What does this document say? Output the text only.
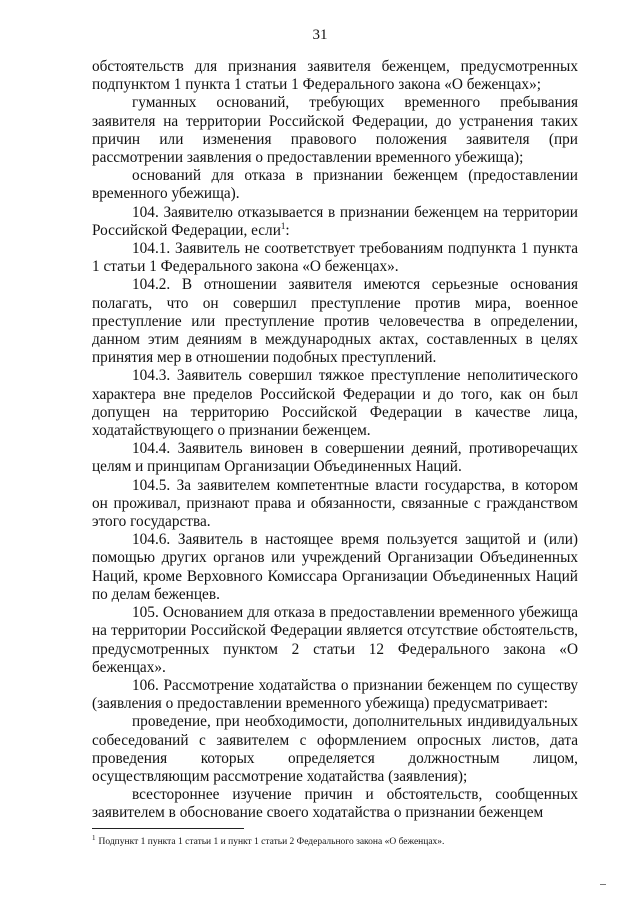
31

обстоятельств для признания заявителя беженцем, предусмотренных подпунктом 1 пункта 1 статьи 1 Федерального закона «О беженцах»;

гуманных оснований, требующих временного пребывания заявителя на территории Российской Федерации, до устранения таких причин или изменения правового положения заявителя (при рассмотрении заявления о предоставлении временного убежища);

оснований для отказа в признании беженцем (предоставлении временного убежища).

104. Заявителю отказывается в признании беженцем на территории Российской Федерации, если$^1$:

104.1. Заявитель не соответствует требованиям подпункта 1 пункта 1 статьи 1 Федерального закона «О беженцах».

104.2. В отношении заявителя имеются серьезные основания полагать, что он совершил преступление против мира, военное преступление или преступление против человечества в определении, данном этим деяниям в международных актах, составленных в целях принятия мер в отношении подобных преступлений.

104.3. Заявитель совершил тяжкое преступление неполитического характера вне пределов Российской Федерации и до того, как он был допущен на территорию Российской Федерации в качестве лица, ходатайствующего о признании беженцем.

104.4. Заявитель виновен в совершении деяний, противоречащих целям и принципам Организации Объединенных Наций.

104.5. За заявителем компетентные власти государства, в котором он проживал, признают права и обязанности, связанные с гражданством этого государства.

104.6. Заявитель в настоящее время пользуется защитой и (или) помощью других органов или учреждений Организации Объединенных Наций, кроме Верховного Комиссара Организации Объединенных Наций по делам беженцев.

105. Основанием для отказа в предоставлении временного убежища на территории Российской Федерации является отсутствие обстоятельств, предусмотренных пунктом 2 статьи 12 Федерального закона «О беженцах».

106. Рассмотрение ходатайства о признании беженцем по существу (заявления о предоставлении временного убежища) предусматривает:

проведение, при необходимости, дополнительных индивидуальных собеседований с заявителем с оформлением опросных листов, дата проведения которых определяется должностным лицом, осуществляющим рассмотрение ходатайства (заявления);

всестороннее изучение причин и обстоятельств, сообщенных заявителем в обоснование своего ходатайства о признании беженцем

$^1$ Подпункт 1 пункта 1 статьи 1 и пункт 1 статьи 2 Федерального закона «О беженцах».
